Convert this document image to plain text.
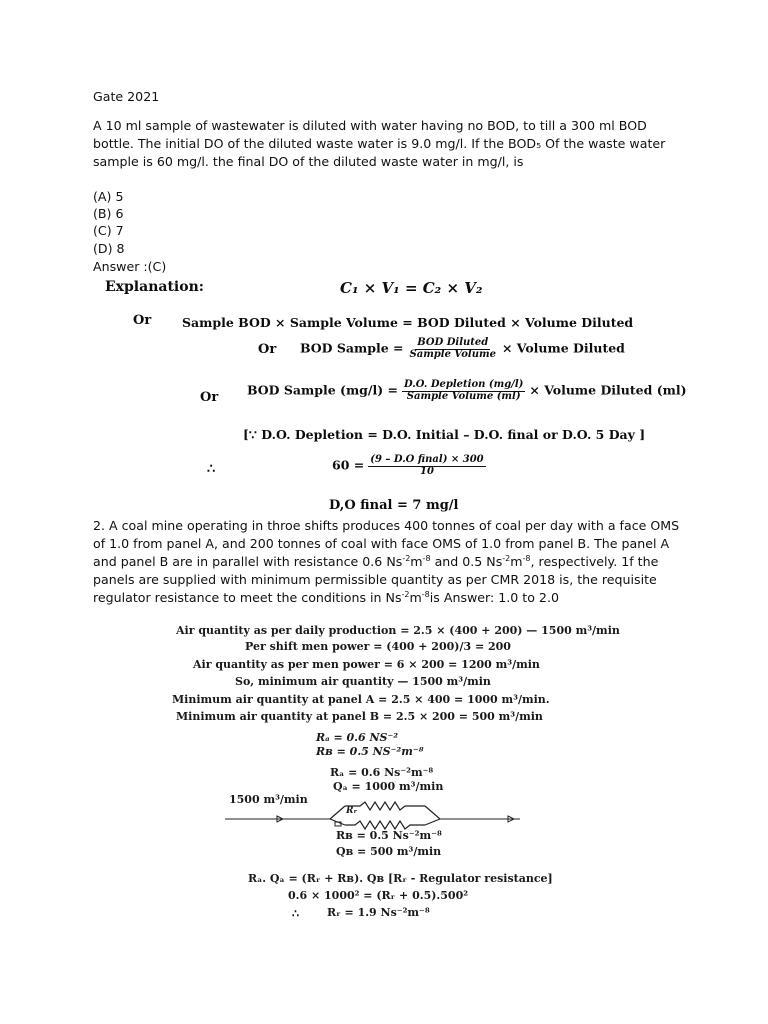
Gate 2021
A 10 ml sample of wastewater is diluted with water having no BOD, to till a 300 ml BOD bottle. The initial DO of the diluted waste water is 9.0 mg/l. If the BOD₅ Of the waste water sample is 60 mg/l. the final DO of the diluted waste water in mg/l, is
(A) 5
(B) 6
(C) 7
(D) 8
Answer :(C)
Explanation:	C₁ × V₁ = C₂ × V₂
Or Sample BOD × Sample Volume = BOD Diluted × Volume Diluted
Or BOD Sample = $\frac{\text{BOD Diluted}}{\text{Sample Volume}}$ × Volume Diluted
Or BOD Sample $(mg/l) = \frac{\text{D.O. Depletion (mg/l)}}{\text{Sample Volume (ml)}}$ × Volume Diluted (ml)
[∵ D.O. Depletion = D.O. Initial – D.O. final or D.O. 5 Day ]
∴	$60 = \frac{\text{(9 – D.O final) × 300}}{10}$
D,O final = 7 mg/l
2. A coal mine operating in throe shifts produces 400 tonnes of coal per day with a face OMS of 1.0 from panel A, and 200 tonnes of coal with face OMS of 1.0 from panel B. The panel A and panel B are in parallel with resistance 0.6 $Ns^{-2}m^{-8}$ and 0.5 $Ns^{-2}m^{-8}$, respectively. 1f the panels are supplied with minimum permissible quantity as per CMR 2018 is, the requisite regulator resistance to meet the conditions in $Ns^{-2}m^{-8}is$ Answer: 1.0 to 2.0
Air quantity as per daily production = 2.5 × (400 + 200) — 1500 m³/min
Per shift men power = (400 + 200)/3 = 200
Air quantity as per men power = 6 × 200 = 1200 m³/min
So, minimum air quantity — 1500 m³/min
Minimum air quantity at panel A = 2.5 × 400 = 1000 m³/min.
Minimum air quantity at panel B = 2.5 × 200 = 500 m³/min
Rₐ = 0.6 NS⁻²
Rʙ = 0.5 NS⁻²m⁻⁸
Rₐ = 0.6 Ns⁻²m⁻⁸
Qₐ = 1000 m³/min
1500 m³/min
Rᵣ
Rʙ = 0.5 Ns⁻²m⁻⁸
Qʙ = 500 m³/min
Rₐ. Qₐ = (Rᵣ + Rʙ). Qʙ [Rᵣ - Regulator resistance]
0.6 × 1000² = (Rᵣ + 0.5).500²
∴	Rᵣ = 1.9 Ns⁻²m⁻⁸
